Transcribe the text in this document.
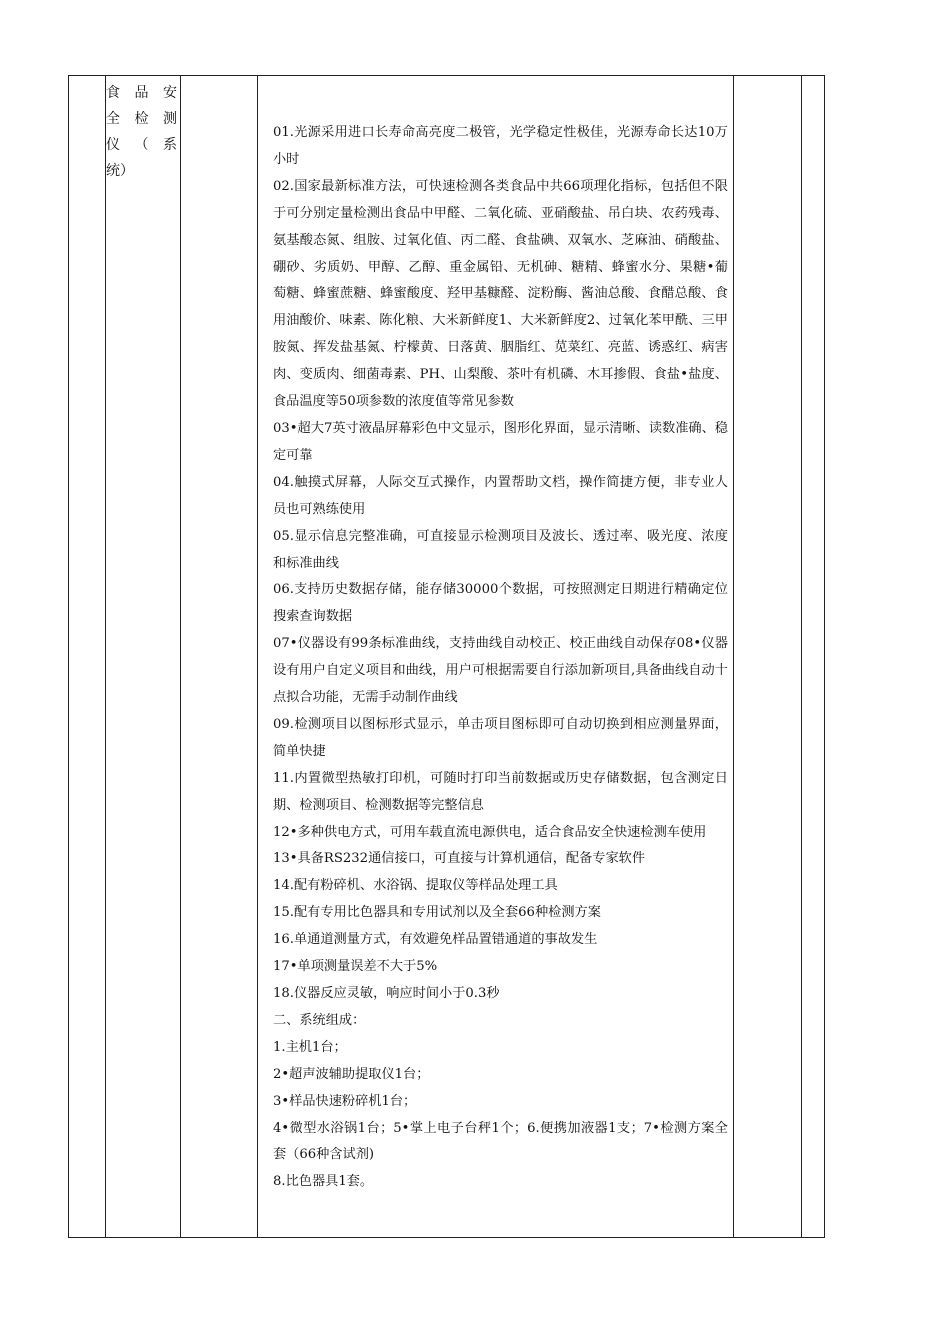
食品安
全检测
仪（系
统）
01.光源采用进口长寿命高亮度二极管，光学稳定性极佳，光源寿命长达10万小时
02.国家最新标准方法，可快速检测各类食品中共66项理化指标，包括但不限于可分别定量检测出食品中甲醛、二氧化硫、亚硝酸盐、吊白块、农药残毒、氨基酸态氮、组胺、过氧化值、丙二醛、食盐碘、双氧水、芝麻油、硝酸盐、硼砂、劣质奶、甲醇、乙醇、重金属铅、无机砷、糖精、蜂蜜水分、果糖•葡萄糖、蜂蜜蔗糖、蜂蜜酸度、羟甲基糠醛、淀粉酶、酱油总酸、食醋总酸、食用油酸价、味素、陈化粮、大米新鲜度1、大米新鲜度2、过氧化苯甲酰、三甲胺氮、挥发盐基氮、柠檬黄、日落黄、胭脂红、苋菜红、亮蓝、诱惑红、病害肉、变质肉、细菌毒素、PH、山梨酸、茶叶有机磷、木耳掺假、食盐•盐度、食品温度等50项参数的浓度值等常见参数
03•超大7英寸液晶屏幕彩色中文显示，图形化界面，显示清晰、读数准确、稳定可靠
04.触摸式屏幕，人际交互式操作，内置帮助文档，操作简捷方便，非专业人员也可熟练使用
05.显示信息完整准确，可直接显示检测项目及波长、透过率、吸光度、浓度和标准曲线
06.支持历史数据存储，能存储30000个数据，可按照测定日期进行精确定位搜索查询数据
07•仪器设有99条标准曲线，支持曲线自动校正、校正曲线自动保存08•仪器设有用户自定义项目和曲线，用户可根据需要自行添加新项目,具备曲线自动十点拟合功能，无需手动制作曲线
09.检测项目以图标形式显示，单击项目图标即可自动切换到相应测量界面，简单快捷
11.内置微型热敏打印机，可随时打印当前数据或历史存储数据，包含测定日期、检测项目、检测数据等完整信息
12•多种供电方式，可用车载直流电源供电，适合食品安全快速检测车使用
13•具备RS232通信接口，可直接与计算机通信，配备专家软件
14.配有粉碎机、水浴锅、提取仪等样品处理工具
15.配有专用比色器具和专用试剂以及全套66种检测方案
16.单通道测量方式，有效避免样品置错通道的事故发生
17•单项测量误差不大于5%
18.仪器反应灵敏，响应时间小于0.3秒
二、系统组成：
1.主机1台；
2•超声波辅助提取仪1台；
3•样品快速粉碎机1台；
4•微型水浴锅1台；5•掌上电子台秤1个；6.便携加液器1支；7•检测方案全套（66种含试剂)
8.比色器具1套。
